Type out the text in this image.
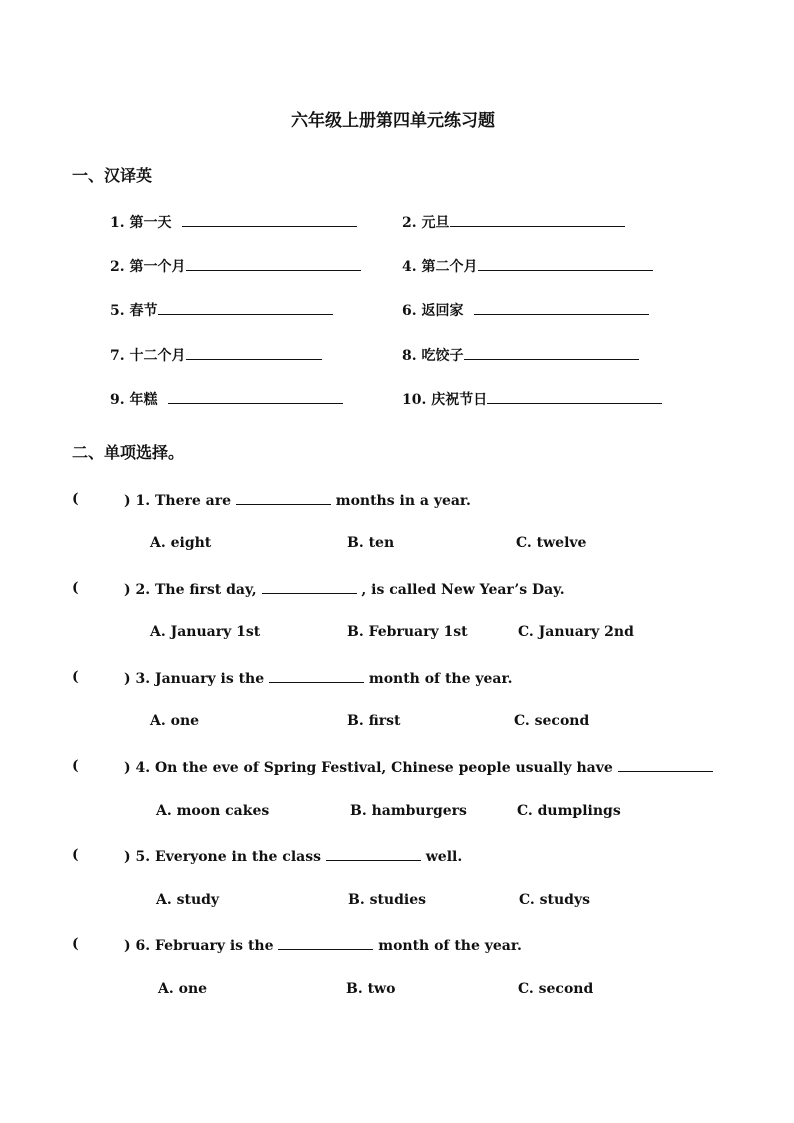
六年级上册第四单元练习题
一、汉译英
1. 第一天	2. 元旦
2. 第一个月	4. 第二个月
5. 春节	6. 返回家
7. 十二个月	8. 吃饺子
9. 年糕	10. 庆祝节日
二、单项选择。
(	) 1. There are	months in a year.
A. eight	B. ten	C. twelve
(	) 2. The first day,	, is called New Year’s Day.
A. January 1st	B. February 1st	C. January 2nd
(	) 3. January is the	month of the year.
A. one	B. first	C. second
(	) 4. On the eve of Spring Festival, Chinese people usually have
A. moon cakes	B. hamburgers	C. dumplings
(	) 5. Everyone in the class	well.
A. study	B. studies	C. studys
(	) 6. February is the	month of the year.
A. one	B. two	C. second
